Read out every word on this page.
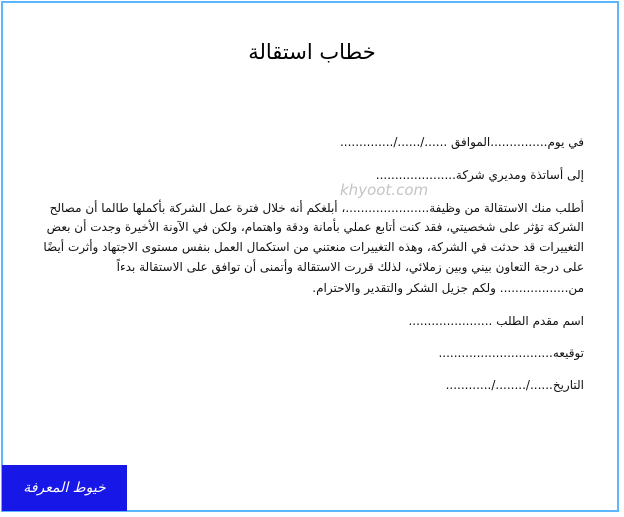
خطاب استقالة
في يوم...............الموافق ....../....../..............
إلى أساتذة ومديري شركة.....................
أطلب منك الاستقالة من وظيفة......................، أبلغكم أنه خلال فترة عمل الشركة بأكملها طالما أن مصالح
الشركة تؤثر على شخصيتي، فقد كنت أتابع عملي بأمانة ودقة واهتمام، ولكن في الآونة الأخيرة وجدت أن بعض
التغييرات قد حدثت في الشركة، وهذه التغييرات منعتني من استكمال العمل بنفس مستوى الاجتهاد وأثرت أيضًا
على درجة التعاون بيني وبين زملائي، لذلك قررت الاستقالة وأتمنى أن توافق على الاستقالة بدءاً
من.................. ولكم جزيل الشكر والتقدير والاحترام.
اسم مقدم الطلب ......................
توقيعه..............................
التاريخ....../......../............
khyoot.com
خيوط المعرفة
